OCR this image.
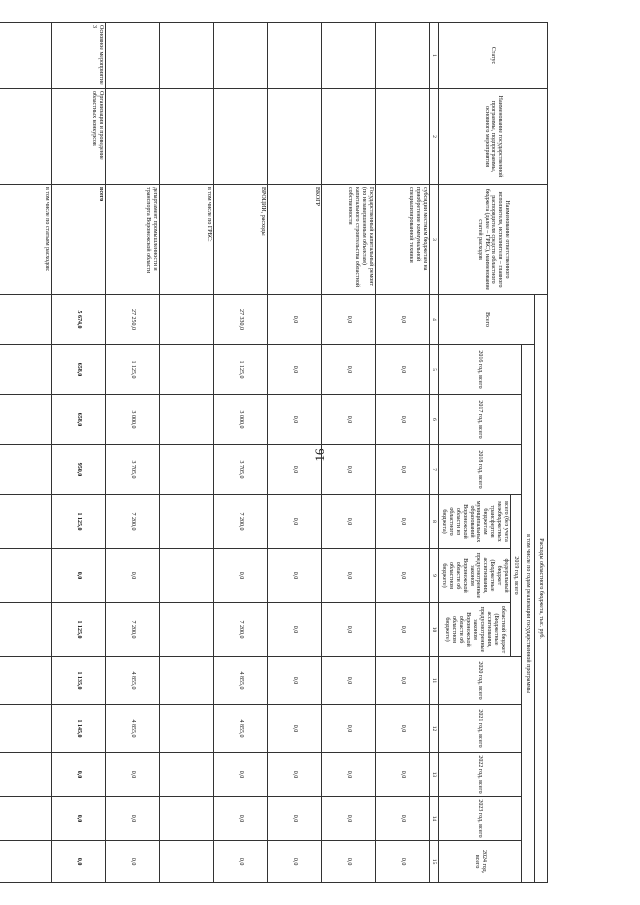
16
Статус	Наименование государственной программы, подпрограммы, основного мероприятия	Наименование ответственного исполнителя, исполнителя – главного распорядителя средств областного бюджета (далее – ГРБС), наименование статей расходов	Расходы областного бюджета, тыс. руб.											
			Всего	в том числе по годам реализации государственной программы										
				2016 год, всего	2017 год, всего	2018 год, всего	2019 год, всего			2020 год, всего	2021 год, всего	2022 год, всего	2023 год, всего	2024 год, всего
							всего (без учета межбюджетных трансфертов бюджетам муниципальных образований Воронежской области из областного бюджета)	федеральный бюджет (Бюджетные ассигнования, предусмотренные законом Воронежской области об областном бюджете)	областной бюджет (Бюджетные ассигнования, предусмотренные законом Воронежской области об областном бюджете)					
1	2	3	4	5	6	7	8	9	10	11	12	13	14	15
		субсидии местным бюджетам на приобретение коммунальной специализированной техники	0,0	0,0	0,0	0,0	0,0	0,0	0,0	0,0	0,0	0,0	0,0	0,0
		Государственный капитальный ремонт (по незавершенным объектам) капитального строительства областной собственности	0,0	0,0	0,0	0,0	0,0	0,0	0,0	0,0	0,0	0,0	0,0	0,0
		ВКОГР	0,0	0,0	0,0	0,0	0,0	0,0	0,0	0,0	0,0	0,0	0,0	0,0
		ВРОЦИИ, расходы	27 330,0	1 125,0	3 000,0	3 705,0	7 200,0	0,0	7 200,0	4 855,0	4 855,0	0,0	0,0	0,0
		в том числе по ГРБС:												
		департамент промышленности и транспорта Воронежской области	27 250,0	1 125,0	3 000,0	3 705,0	7 200,0	0,0	7 200,0	4 855,0	4 855,0	0,0	0,0	0,0
Основное мероприятие 3	Организация и проведение областных конкурсов	всего	5 674,0	658,0	658,0	950,0	1 125,0	0,0	1 125,0	1 135,0	1 145,0	0,0	0,0	0,0
		в том числе по статьям расходов:												
